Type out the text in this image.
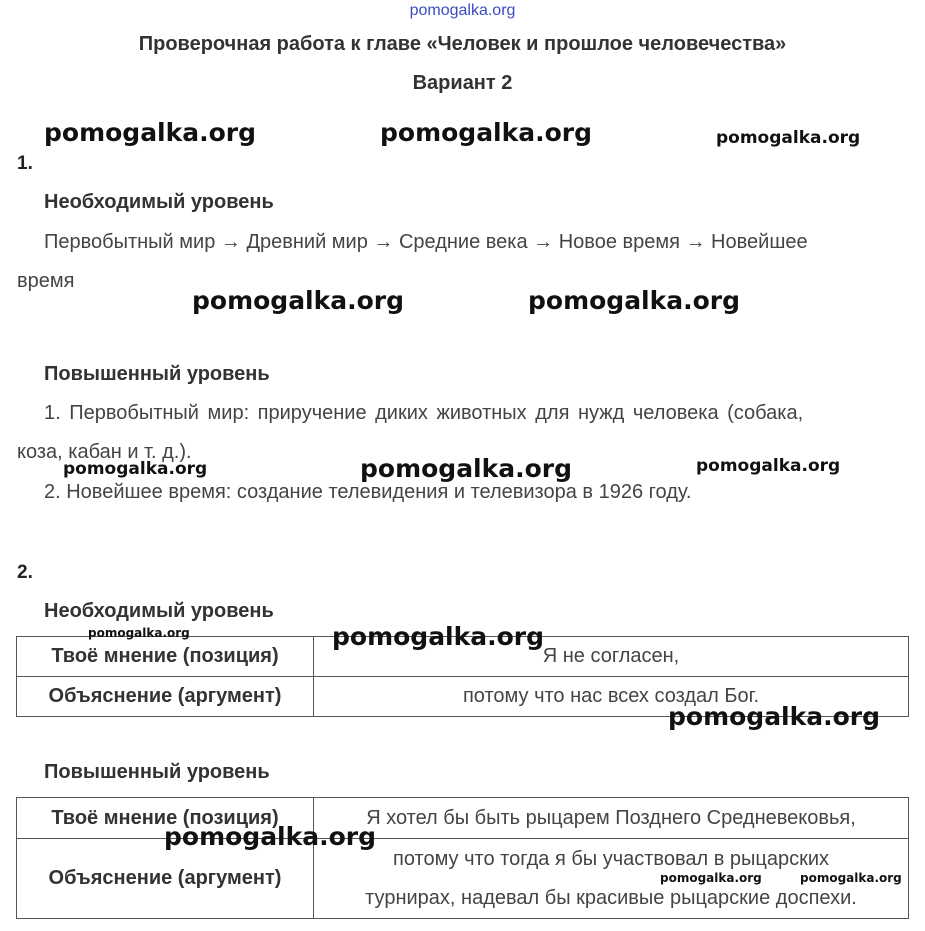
pomogalka.org
Проверочная работа к главе «Человек и прошлое человечества»
Вариант 2
1.
Необходимый уровень
Первобытный мир → Древний мир → Средние века → Новое время → Новейшее
время
Повышенный уровень
1. Первобытный мир: приручение диких животных для нужд человека (собака,
коза, кабан и т. д.).
2. Новейшее время: создание телевидения и телевизора в 1926 году.
2.
Необходимый уровень
Твоё мнение (позиция)	Я не согласен,
Объяснение (аргумент)	потому что нас всех создал Бог.
Повышенный уровень
Твоё мнение (позиция)	Я хотел бы быть рыцарем Позднего Средневековья,
Объяснение (аргумент)	потому что тогда я бы участвовал в рыцарских
турнирах, надевал бы красивые рыцарские доспехи.
pomogalka.org	pomogalka.org	pomogalka.org
pomogalka.org	pomogalka.org
pomogalka.org	pomogalka.org	pomogalka.org
pomogalka.org	pomogalka.org
pomogalka.org
pomogalka.org
pomogalka.org	pomogalka.org
